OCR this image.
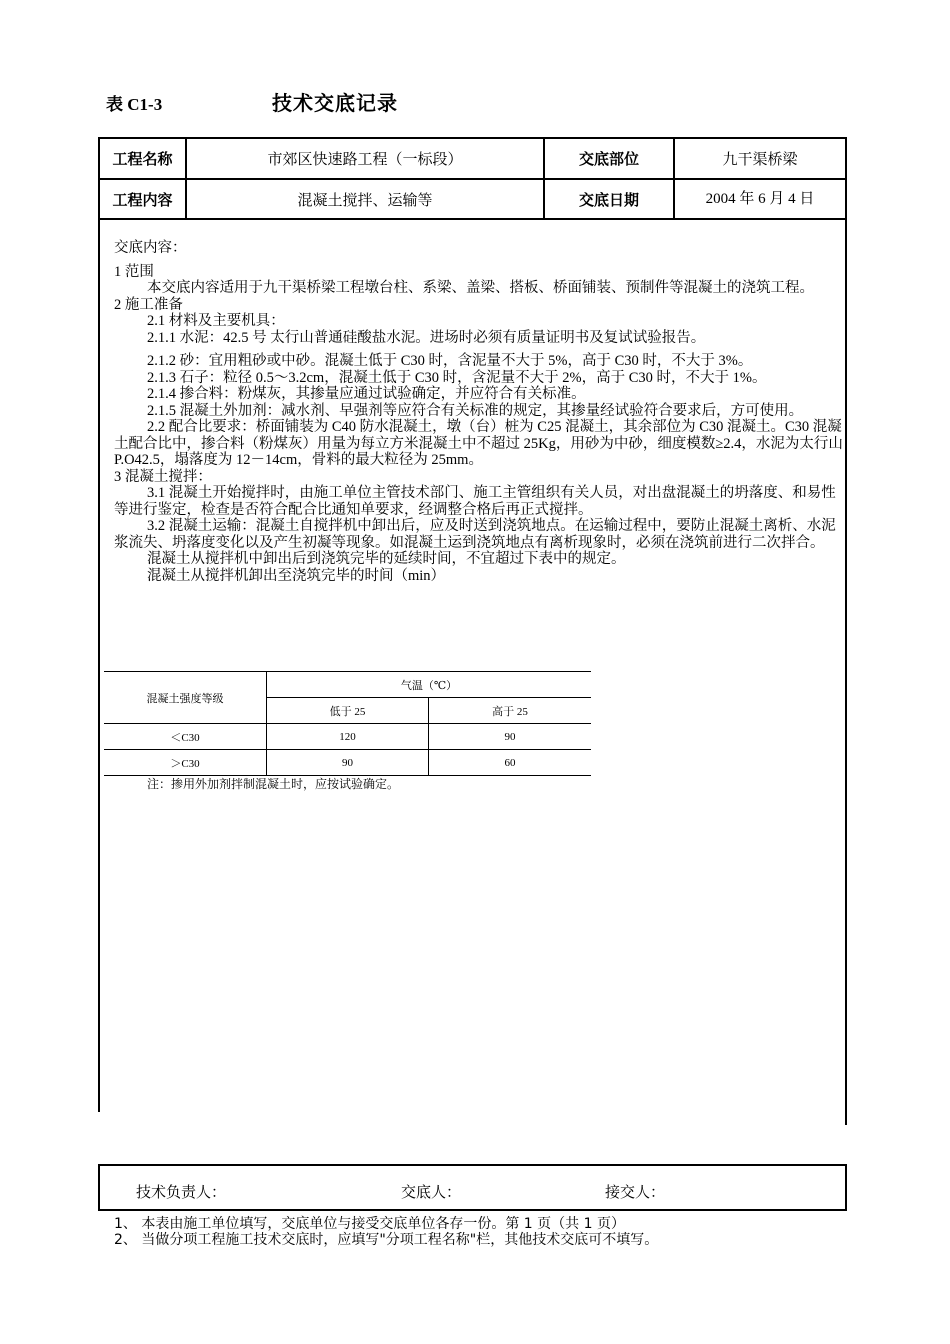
表 C1-3	技术交底记录
工程名称	市郊区快速路工程（一标段）	交底部位	九干渠桥梁
工程内容	混凝土搅拌、运输等	交底日期	2004 年 6 月 4 日

交底内容：

1 范围

本交底内容适用于九干渠桥梁工程墩台柱、系梁、盖梁、搭板、桥面铺装、预制件等混凝土的浇筑工程。

2 施工准备

2.1 材料及主要机具：

2.1.1 水泥：42.5 号 太行山普通硅酸盐水泥。进场时必须有质量证明书及复试试验报告。

2.1.2 砂：宜用粗砂或中砂。混凝土低于 C30 时，含泥量不大于 5%，高于 C30 时，不大于 3%。

2.1.3 石子：粒径 0.5～3.2cm，混凝土低于 C30 时，含泥量不大于 2%，高于 C30 时，不大于 1%。

2.1.4 掺合料：粉煤灰，其掺量应通过试验确定，并应符合有关标准。

2.1.5 混凝土外加剂：减水剂、早强剂等应符合有关标准的规定，其掺量经试验符合要求后，方可使用。

2.2 配合比要求：桥面铺装为 C40 防水混凝土，墩（台）桩为 C25 混凝土，其余部位为 C30 混凝土。C30 混凝土配合比中，掺合料（粉煤灰）用量为每立方米混凝土中不超过 25Kg，用砂为中砂，细度模数≥2.4，水泥为太行山 P.O42.5，塌落度为 12－14cm，骨料的最大粒径为 25mm。

3 混凝土搅拌：

3.1 混凝土开始搅拌时，由施工单位主管技术部门、施工主管组织有关人员，对出盘混凝土的坍落度、和易性等进行鉴定，检查是否符合配合比通知单要求，经调整合格后再正式搅拌。

3.2 混凝土运输：混凝土自搅拌机中卸出后，应及时送到浇筑地点。在运输过程中，要防止混凝土离析、水泥浆流失、坍落度变化以及产生初凝等现象。如混凝土运到浇筑地点有离析现象时，必须在浇筑前进行二次拌合。

混凝土从搅拌机中卸出后到浇筑完毕的延续时间，不宜超过下表中的规定。

混凝土从搅拌机卸出至浇筑完毕的时间（min）

混凝土强度等级	气温（℃）	
	低于 25	高于 25
＜C30	120	90
＞C30	90	60
注：掺用外加剂拌制混凝土时，应按试验确定。
技术负责人：	交底人：	接交人：
1、 本表由施工单位填写，交底单位与接受交底单位各存一份。第 1 页（共 1 页）
2、 当做分项工程施工技术交底时，应填写"分项工程名称"栏，其他技术交底可不填写。
